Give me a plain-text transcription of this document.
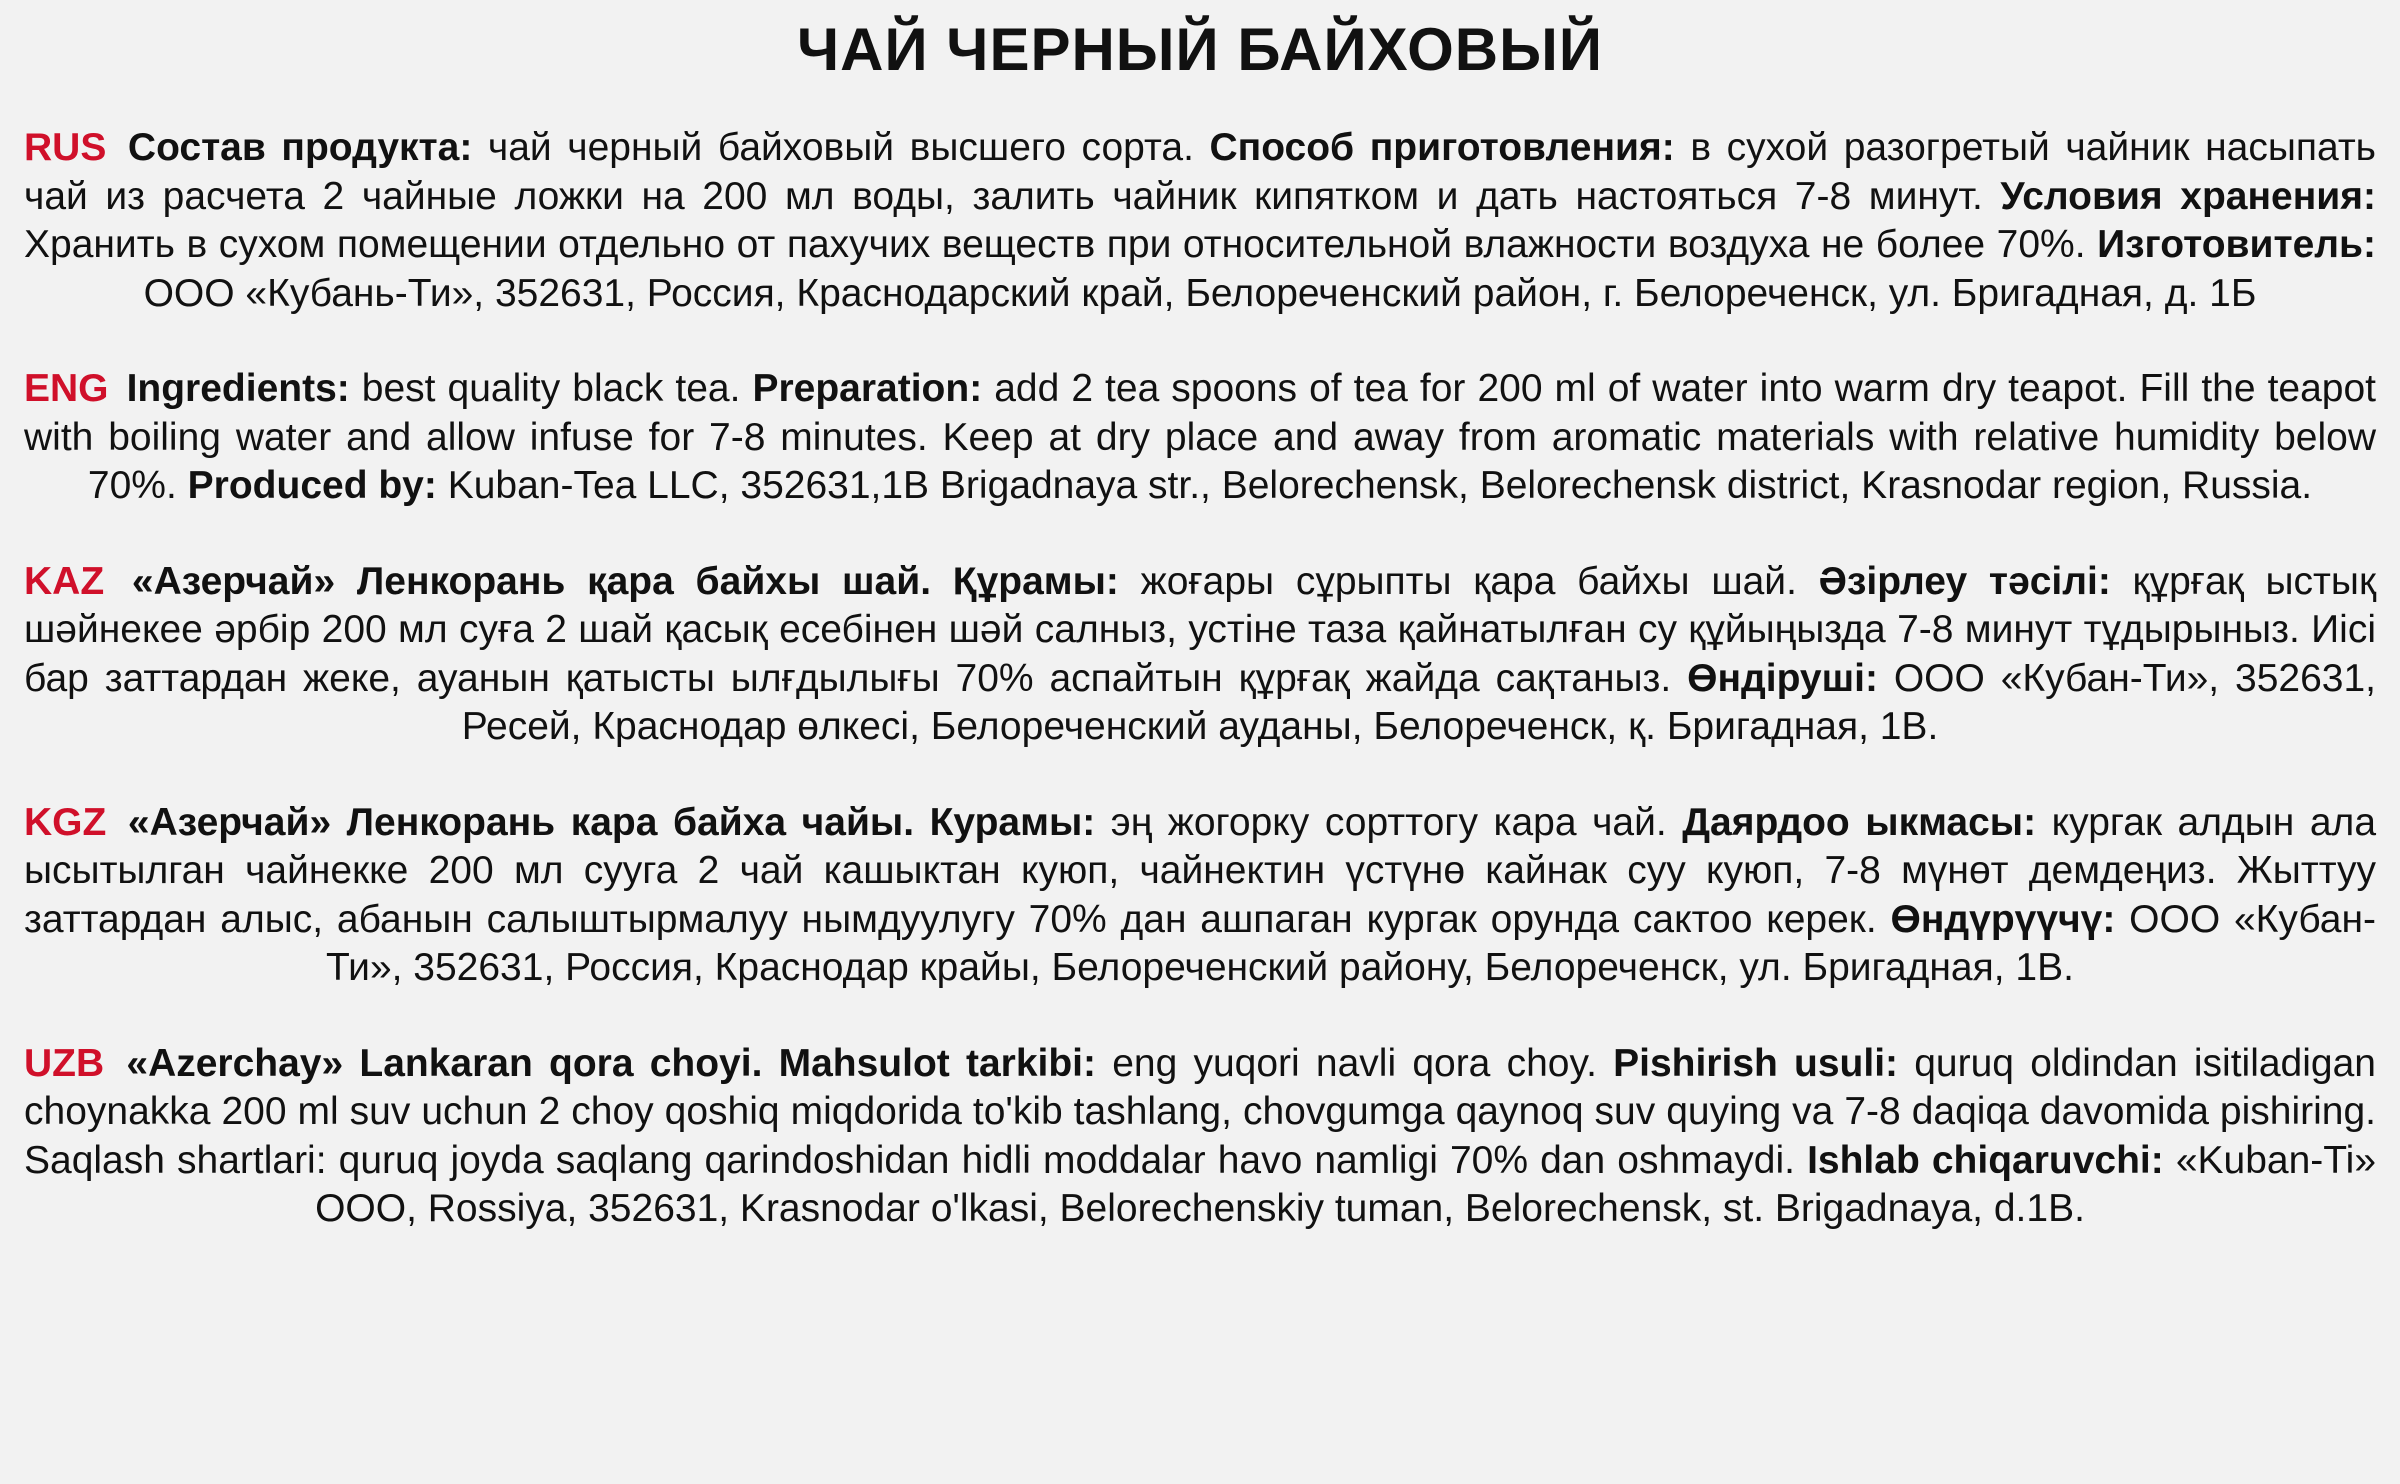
ЧАЙ ЧЕРНЫЙ БАЙХОВЫЙ
RUS Состав продукта: чай черный байховый высшего сорта. Способ приготовления: в сухой разогретый чайник насыпать чай из расчета 2 чайные ложки на 200 мл воды, залить чайник кипятком и дать настояться 7-8 минут. Условия хранения: Хранить в сухом помещении отдельно от пахучих веществ при относительной влажности воздуха не более 70%. Изготовитель: ООО «Кубань-Ти», 352631, Россия, Краснодарский край, Белореченский район, г. Белореченск, ул. Бригадная, д. 1Б
ENG Ingredients: best quality black tea. Preparation: add 2 tea spoons of tea for 200 ml of water into warm dry teapot. Fill the teapot with boiling water and allow infuse for 7-8 minutes. Keep at dry place and away from aromatic materials with relative humidity below 70%. Produced by: Kuban-Tea LLC, 352631,1B Brigadnaya str., Belorechensk, Belorechensk district, Krasnodar region, Russia.
KAZ «Азерчай» Ленкорань қара байхы шай. Құрамы: жоғары сұрыпты қара байхы шай. Әзірлеу тәсілі: құрғақ ыстық шәйнекее әрбір 200 мл суға 2 шай қасық есебінен шәй салныз, устіне таза қайнатылған су құйыңызда 7-8 минут тұдырыныз. Иісі бар заттардан жеке, ауанын қатысты ылғдылығы 70% аспайтын құрғақ жайда сақтаныз. Өндіруші: ООО «Кубан-Ти», 352631, Ресей, Краснодар өлкесі, Белореченский ауданы, Белореченск, қ. Бригадная, 1В.
KGZ «Азерчай» Ленкорань кара байха чайы. Курамы: эң жогорку сорттогу кара чай. Даярдоо ыкмасы: кургак алдын ала ысытылган чайнекке 200 мл сууга 2 чай кашыктан куюп, чайнектин үстүнө кайнак суу куюп, 7-8 мүнөт демдеңиз. Жыттуу заттардан алыс, абанын салыштырмалуу нымдуулугу 70% дан ашпаган кургак орунда сактоо керек. Өндүрүүчү: ООО «Кубан-Ти», 352631, Россия, Краснодар крайы, Белореченский району, Белореченск, ул. Бригадная, 1В.
UZB «Azerchay» Lankaran qora choyi. Mahsulot tarkibi: eng yuqori navli qora choy. Pishirish usuli: quruq oldindan isitiladigan choynakka 200 ml suv uchun 2 choy qoshiq miqdorida to'kib tashlang, chovgumga qaynoq suv quying va 7-8 daqiqa davomida pishiring. Saqlash shartlari: quruq joyda saqlang qarindoshidan hidli moddalar havo namligi 70% dan oshmaydi. Ishlab chiqaruvchi: «Kuban-Ti» OOO, Rossiya, 352631, Krasnodar o'lkasi, Belorechenskiy tuman, Belorechensk, st. Brigadnaya, d.1B.
